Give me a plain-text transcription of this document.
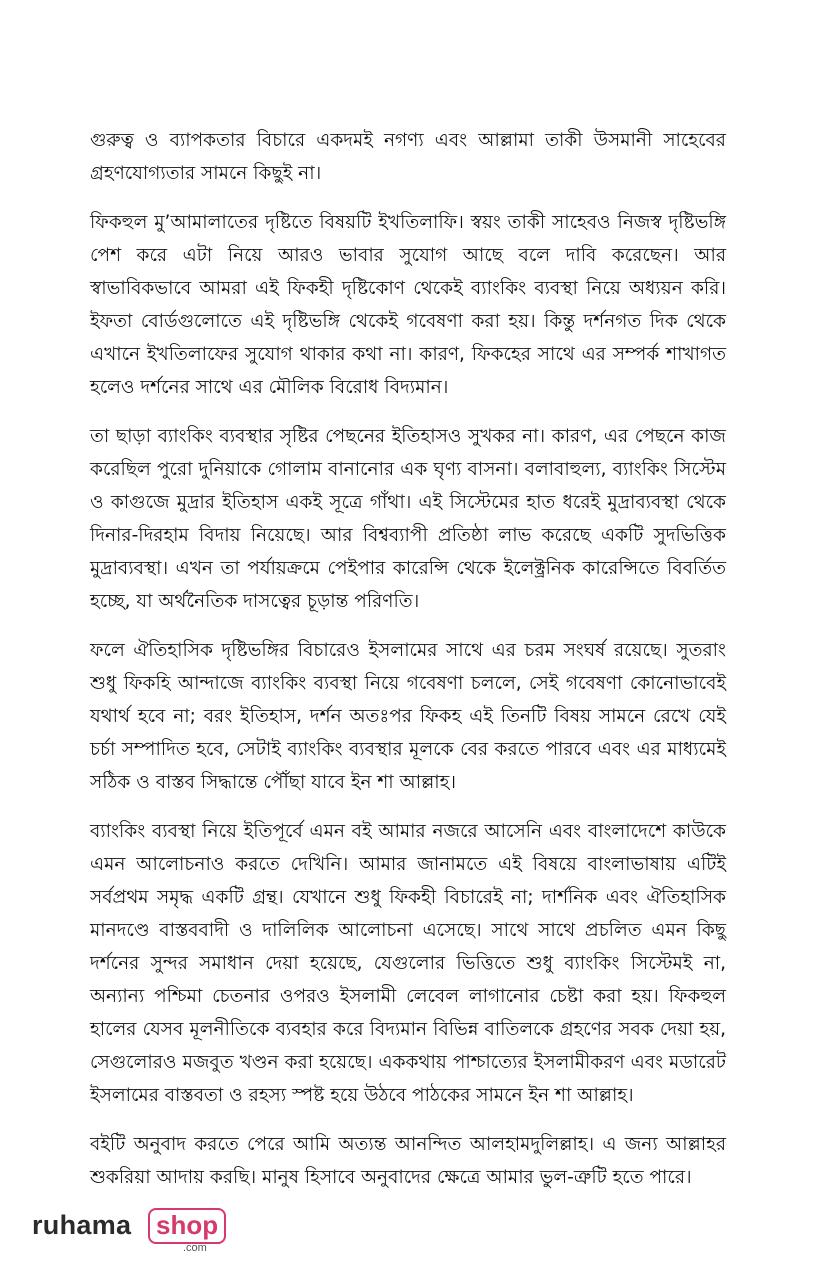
গুরুত্ব ও ব্যাপকতার বিচারে একদমই নগণ্য এবং আল্লামা তাকী উসমানী সাহেবের গ্রহণযোগ্যতার সামনে কিছুই না।

ফিকহুল মু’আমালাতের দৃষ্টিতে বিষয়টি ইখতিলাফি। স্বয়ং তাকী সাহেবও নিজস্ব দৃষ্টিভঙ্গি পেশ করে এটা নিয়ে আরও ভাবার সুযোগ আছে বলে দাবি করেছেন। আর স্বাভাবিকভাবে আমরা এই ফিকহী দৃষ্টিকোণ থেকেই ব্যাংকিং ব্যবস্থা নিয়ে অধ্যয়ন করি। ইফতা বোর্ডগুলোতে এই দৃষ্টিভঙ্গি থেকেই গবেষণা করা হয়। কিন্তু দর্শনগত দিক থেকে এখানে ইখতিলাফের সুযোগ থাকার কথা না। কারণ, ফিকহের সাথে এর সম্পর্ক শাখাগত হলেও দর্শনের সাথে এর মৌলিক বিরোধ বিদ্যমান।

তা ছাড়া ব্যাংকিং ব্যবস্থার সৃষ্টির পেছনের ইতিহাসও সুখকর না। কারণ, এর পেছনে কাজ করেছিল পুরো দুনিয়াকে গোলাম বানানোর এক ঘৃণ্য বাসনা। বলাবাহুল্য, ব্যাংকিং সিস্টেম ও কাগুজে মুদ্রার ইতিহাস একই সূত্রে গাঁথা। এই সিস্টেমের হাত ধরেই মুদ্রাব্যবস্থা থেকে দিনার-দিরহাম বিদায় নিয়েছে। আর বিশ্বব্যাপী প্রতিষ্ঠা লাভ করেছে একটি সুদভিত্তিক মুদ্রাব্যবস্থা। এখন তা পর্যায়ক্রমে পেইপার কারেন্সি থেকে ইলেক্ট্রনিক কারেন্সিতে বিবর্তিত হচ্ছে, যা অর্থনৈতিক দাসত্বের চূড়ান্ত পরিণতি।

ফলে ঐতিহাসিক দৃষ্টিভঙ্গির বিচারেও ইসলামের সাথে এর চরম সংঘর্ষ রয়েছে। সুতরাং শুধু ফিকহি আন্দাজে ব্যাংকিং ব্যবস্থা নিয়ে গবেষণা চললে, সেই গবেষণা কোনোভাবেই যথার্থ হবে না; বরং ইতিহাস, দর্শন অতঃপর ফিকহ এই তিনটি বিষয় সামনে রেখে যেই চর্চা সম্পাদিত হবে, সেটাই ব্যাংকিং ব্যবস্থার মূলকে বের করতে পারবে এবং এর মাধ্যমেই সঠিক ও বাস্তব সিদ্ধান্তে পৌঁছা যাবে ইন শা আল্লাহ।

ব্যাংকিং ব্যবস্থা নিয়ে ইতিপূর্বে এমন বই আমার নজরে আসেনি এবং বাংলাদেশে কাউকে এমন আলোচনাও করতে দেখিনি। আমার জানামতে এই বিষয়ে বাংলাভাষায় এটিই সর্বপ্রথম সমৃদ্ধ একটি গ্রন্থ। যেখানে শুধু ফিকহী বিচারেই না; দার্শনিক এবং ঐতিহাসিক মানদণ্ডে বাস্তববাদী ও দালিলিক আলোচনা এসেছে। সাথে সাথে প্রচলিত এমন কিছু দর্শনের সুন্দর সমাধান দেয়া হয়েছে, যেগুলোর ভিত্তিতে শুধু ব্যাংকিং সিস্টেমই না, অন্যান্য পশ্চিমা চেতনার ওপরও ইসলামী লেবেল লাগানোর চেষ্টা করা হয়। ফিকহুল হালের যেসব মূলনীতিকে ব্যবহার করে বিদ্যমান বিভিন্ন বাতিলকে গ্রহণের সবক দেয়া হয়, সেগুলোরও মজবুত খণ্ডন করা হয়েছে। এককথায় পাশ্চাত্যের ইসলামীকরণ এবং মডারেট ইসলামের বাস্তবতা ও রহস্য স্পষ্ট হয়ে উঠবে পাঠকের সামনে ইন শা আল্লাহ।

বইটি অনুবাদ করতে পেরে আমি অত্যন্ত আনন্দিত আলহামদুলিল্লাহ। এ জন্য আল্লাহর শুকরিয়া আদায় করছি। মানুষ হিসাবে অনুবাদের ক্ষেত্রে আমার ভুল-ত্রুটি হতে পারে।

ruhama shop
.com
